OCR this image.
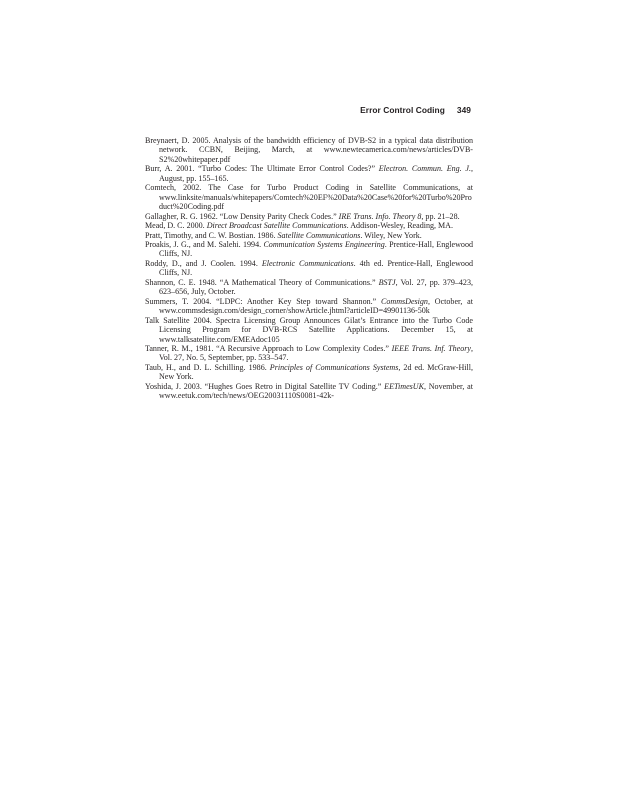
Error Control Coding 349
Breynaert, D. 2005. Analysis of the bandwidth efficiency of DVB-S2 in a typical data distribution network. CCBN, Beijing, March, at www.newtecamerica.com/news/articles/DVB-S2%20whitepaper.pdf
Burr, A. 2001. “Turbo Codes: The Ultimate Error Control Codes?” Electron. Commun. Eng. J., August, pp. 155–165.
Comtech, 2002. The Case for Turbo Product Coding in Satellite Communications, at www.linksite/manuals/whitepapers/Comtech%20EF%20Data%20Case%20for%20Turbo%20Product%20Coding.pdf
Gallagher, R. G. 1962. “Low Density Parity Check Codes.” IRE Trans. Info. Theory 8, pp. 21–28.
Mead, D. C. 2000. Direct Broadcast Satellite Communications. Addison-Wesley, Reading, MA.
Pratt, Timothy, and C. W. Bostian. 1986. Satellite Communications. Wiley, New York.
Proakis, J. G., and M. Salehi. 1994. Communication Systems Engineering. Prentice-Hall, Englewood Cliffs, NJ.
Roddy, D., and J. Coolen. 1994. Electronic Communications. 4th ed. Prentice-Hall, Englewood Cliffs, NJ.
Shannon, C. E. 1948. “A Mathematical Theory of Communications.” BSTJ, Vol. 27, pp. 379–423, 623–656, July, October.
Summers, T. 2004. “LDPC: Another Key Step toward Shannon.” CommsDesign, October, at www.commsdesign.com/design_corner/showArticle.jhtml?articleID=49901136-50k
Talk Satellite 2004. Spectra Licensing Group Announces Gilat’s Entrance into the Turbo Code Licensing Program for DVB-RCS Satellite Applications. December 15, at www.talksatellite.com/EMEAdoc105
Tanner, R. M., 1981. “A Recursive Approach to Low Complexity Codes.” IEEE Trans. Inf. Theory, Vol. 27, No. 5, September, pp. 533–547.
Taub, H., and D. L. Schilling. 1986. Principles of Communications Systems, 2d ed. McGraw-Hill, New York.
Yoshida, J. 2003. “Hughes Goes Retro in Digital Satellite TV Coding.” EETimesUK, November, at www.eetuk.com/tech/news/OEG20031110S0081-42k-
